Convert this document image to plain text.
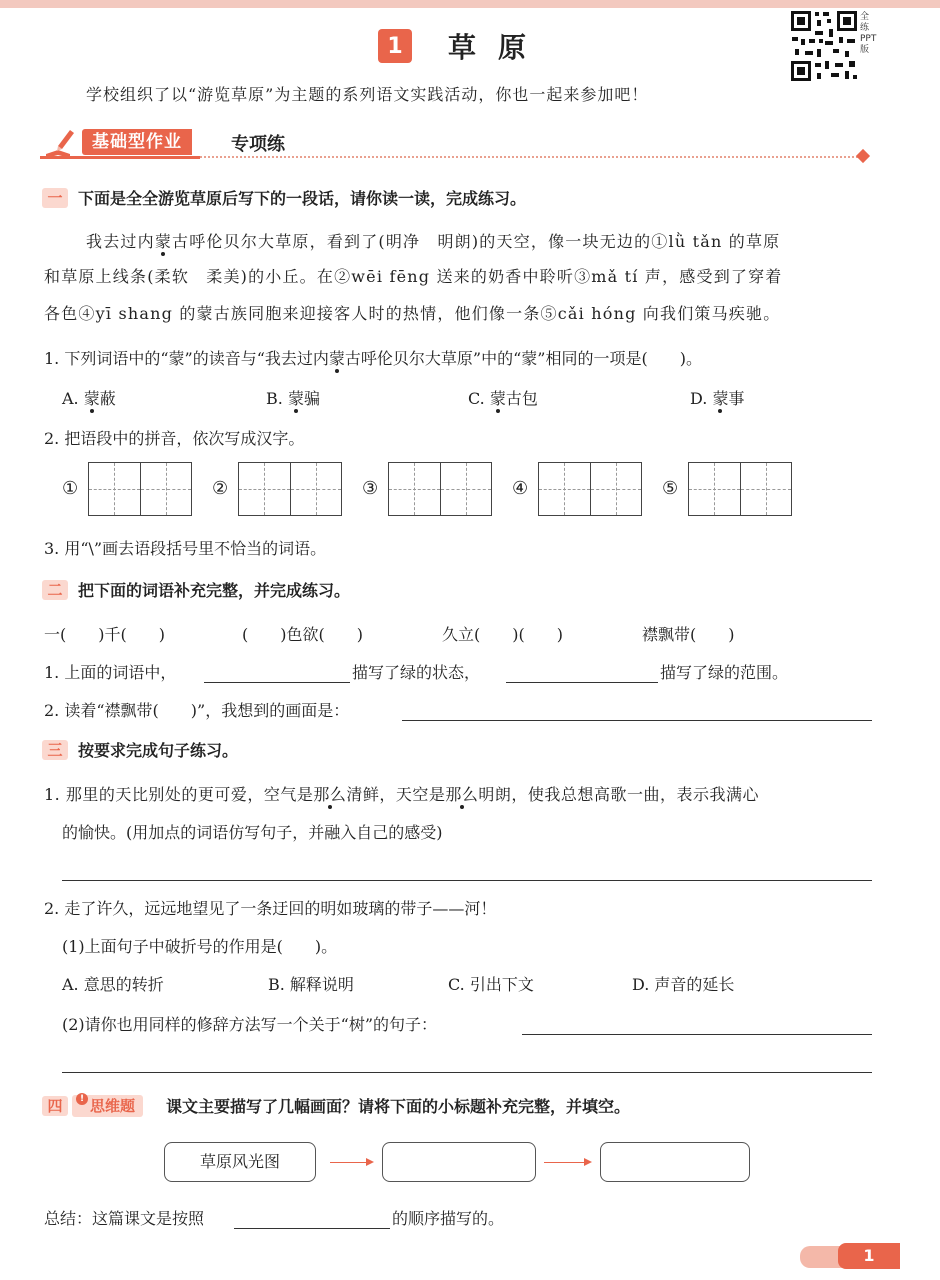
1	草原
全练PPT版
学校组织了以“游览草原”为主题的系列语文实践活动，你也一起来参加吧！
基础型作业	专项练
一 下面是全全游览草原后写下的一段话，请你读一读，完成练习。
我去过内蒙古呼伦贝尔大草原，看到了(明净　明朗)的天空，像一块无边的①lǜ tǎn 的草原
和草原上线条(柔软　柔美)的小丘。在②wēi fēng 送来的奶香中聆听③mǎ tí 声，感受到了穿着
各色④yī shang 的蒙古族同胞来迎接客人时的热情，他们像一条⑤cǎi hóng 向我们策马疾驰。
1. 下列词语中的“蒙”的读音与“我去过内蒙古呼伦贝尔大草原”中的“蒙”相同的一项是(　　)。
A. 蒙蔽	B. 蒙骗	C. 蒙古包	D. 蒙事
2. 把语段中的拼音，依次写成汉字。
①	②	③	④	⑤
3. 用“\”画去语段括号里不恰当的词语。
二 把下面的词语补充完整，并完成练习。
一(　　)千(　　)	(　　)色欲(　　)	久立(　　)(　　)	襟飘带(　　)
1. 上面的词语中，	描写了绿的状态，	描写了绿的范围。
2. 读着“襟飘带(　　)”，我想到的画面是：
三 按要求完成句子练习。
1. 那里的天比别处的更可爱，空气是那么清鲜，天空是那么明朗，使我总想高歌一曲，表示我满心
的愉快。(用加点的词语仿写句子，并融入自己的感受)
2. 走了许久，远远地望见了一条迂回的明如玻璃的带子——河！
(1)上面句子中破折号的作用是(　　)。
A. 意思的转折	B. 解释说明	C. 引出下文	D. 声音的延长
(2)请你也用同样的修辞方法写一个关于“树”的句子：
四	思维题
!	课文主要描写了几幅画面？请将下面的小标题补充完整，并填空。
草原风光图
总结：这篇课文是按照	的顺序描写的。
1
